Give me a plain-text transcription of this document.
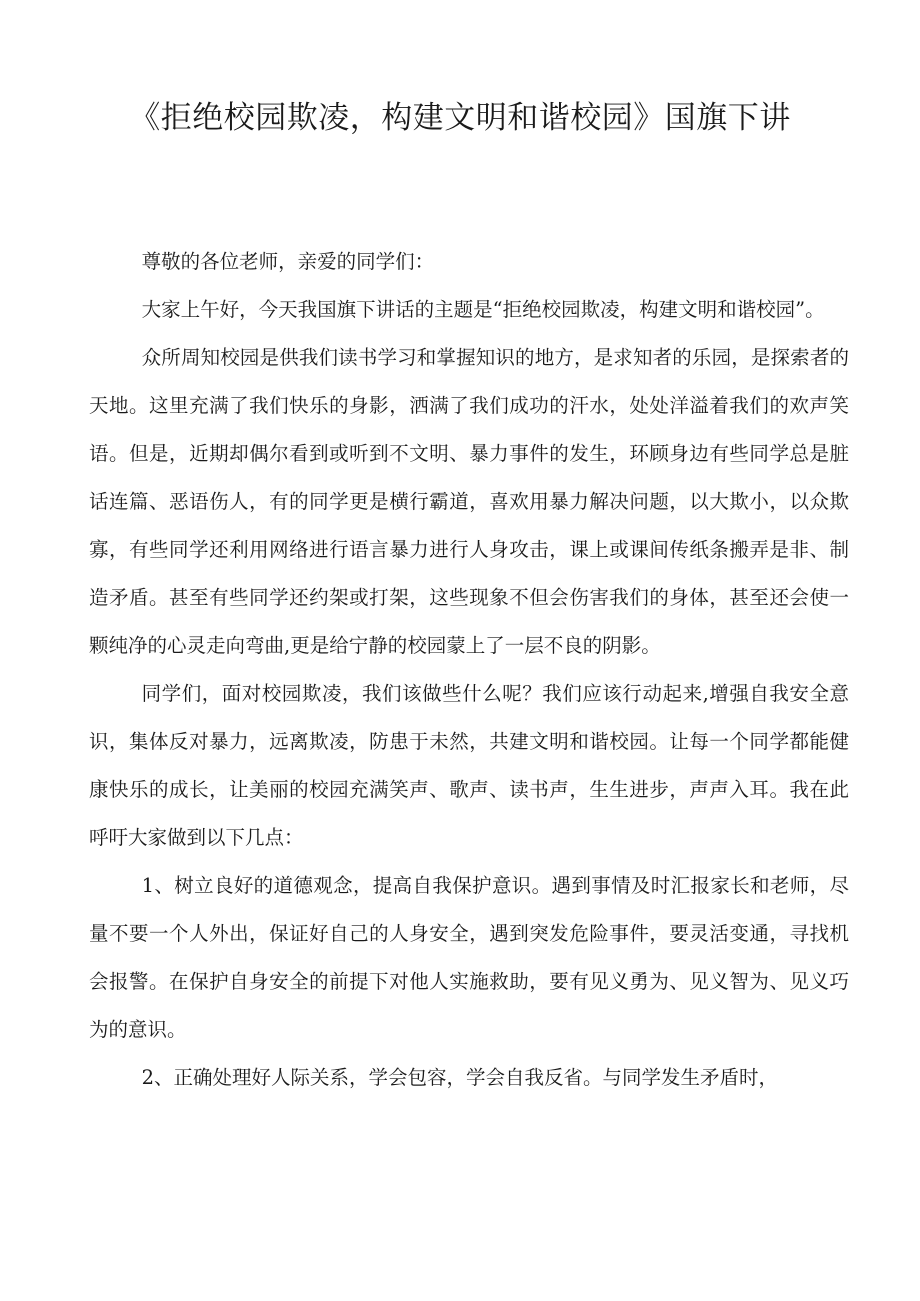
《拒绝校园欺凌，构建文明和谐校园》国旗下讲

尊敬的各位老师，亲爱的同学们：

大家上午好，今天我国旗下讲话的主题是“拒绝校园欺凌，构建文明和谐校园”。

众所周知校园是供我们读书学习和掌握知识的地方，是求知者的乐园，是探索者的天地。这里充满了我们快乐的身影，洒满了我们成功的汗水，处处洋溢着我们的欢声笑语。但是，近期却偶尔看到或听到不文明、暴力事件的发生，环顾身边有些同学总是脏话连篇、恶语伤人，有的同学更是横行霸道，喜欢用暴力解决问题，以大欺小，以众欺寡，有些同学还利用网络进行语言暴力进行人身攻击，课上或课间传纸条搬弄是非、制造矛盾。甚至有些同学还约架或打架，这些现象不但会伤害我们的身体，甚至还会使一颗纯净的心灵走向弯曲,更是给宁静的校园蒙上了一层不良的阴影。

同学们，面对校园欺凌，我们该做些什么呢？我们应该行动起来,增强自我安全意识，集体反对暴力，远离欺凌，防患于未然，共建文明和谐校园。让每一个同学都能健康快乐的成长，让美丽的校园充满笑声、歌声、读书声，生生进步，声声入耳。我在此呼吁大家做到以下几点：

1、树立良好的道德观念，提高自我保护意识。遇到事情及时汇报家长和老师，尽量不要一个人外出，保证好自己的人身安全，遇到突发危险事件，要灵活变通，寻找机会报警。在保护自身安全的前提下对他人实施救助，要有见义勇为、见义智为、见义巧为的意识。

2、正确处理好人际关系，学会包容，学会自我反省。与同学发生矛盾时，
